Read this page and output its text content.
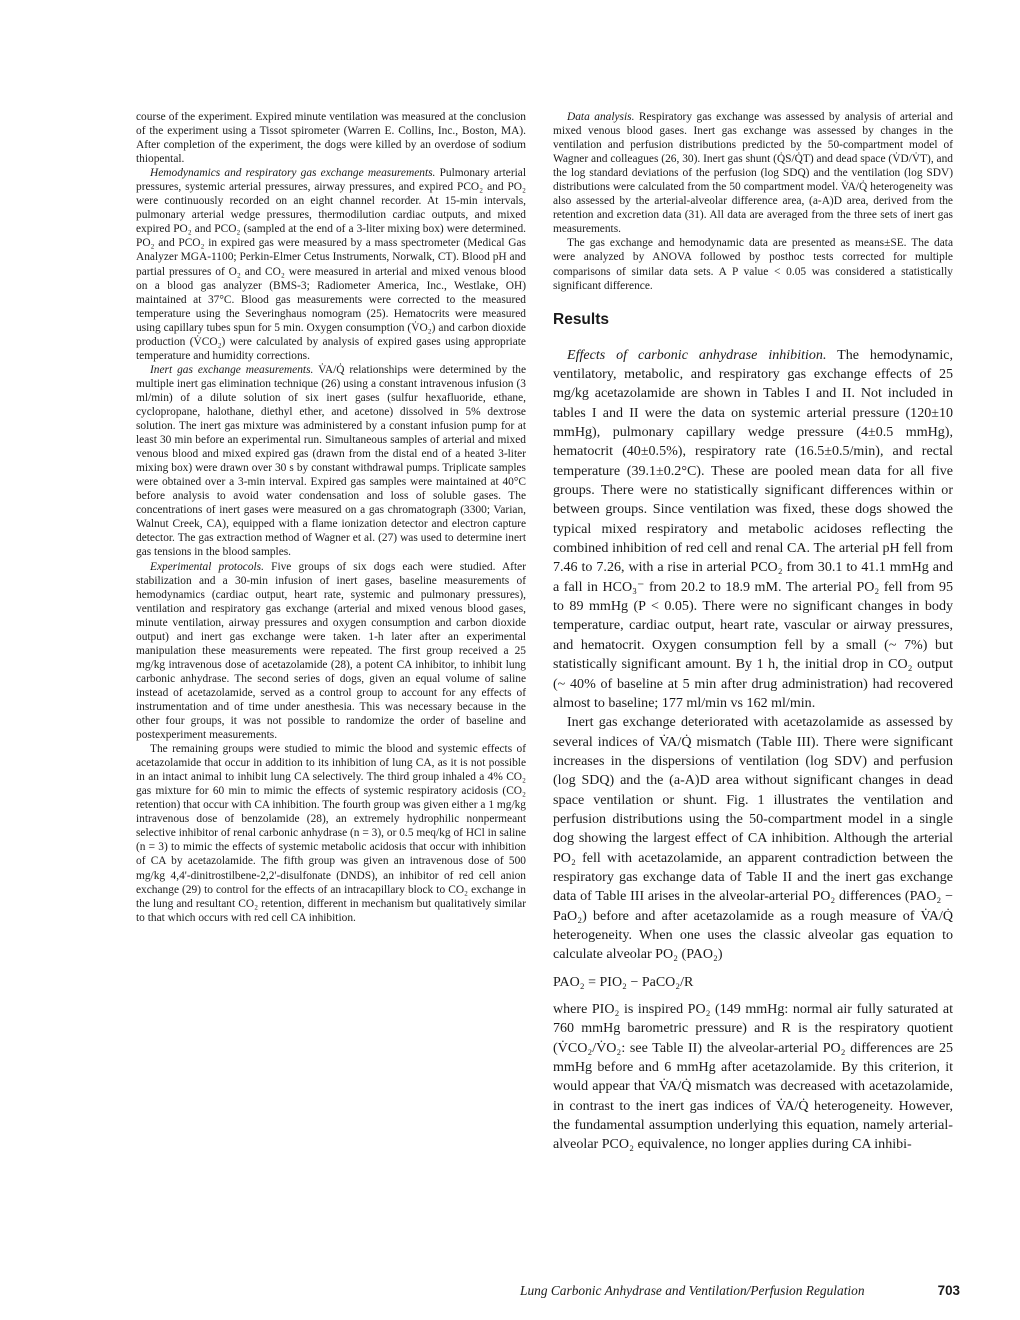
course of the experiment. Expired minute ventilation was measured at the conclusion of the experiment using a Tissot spirometer (Warren E. Collins, Inc., Boston, MA). After completion of the experiment, the dogs were killed by an overdose of sodium thiopental.

Hemodynamics and respiratory gas exchange measurements. Pulmonary arterial pressures, systemic arterial pressures, airway pressures, and expired PCO₂ and PO₂ were continuously recorded on an eight channel recorder. At 15-min intervals, pulmonary arterial wedge pressures, thermodilution cardiac outputs, and mixed expired PO₂ and PCO₂ (sampled at the end of a 3-liter mixing box) were determined. PO₂ and PCO₂ in expired gas were measured by a mass spectrometer (Medical Gas Analyzer MGA-1100; Perkin-Elmer Cetus Instruments, Norwalk, CT). Blood pH and partial pressures of O₂ and CO₂ were measured in arterial and mixed venous blood on a blood gas analyzer (BMS-3; Radiometer America, Inc., Westlake, OH) maintained at 37°C. Blood gas measurements were corrected to the measured temperature using the Severinghaus nomogram (25). Hematocrits were measured using capillary tubes spun for 5 min. Oxygen consumption (V̇O₂) and carbon dioxide production (V̇CO₂) were calculated by analysis of expired gases using appropriate temperature and humidity corrections.

Inert gas exchange measurements. V̇A/Q̇ relationships were determined by the multiple inert gas elimination technique (26) using a constant intravenous infusion (3 ml/min) of a dilute solution of six inert gases (sulfur hexafluoride, ethane, cyclopropane, halothane, diethyl ether, and acetone) dissolved in 5% dextrose solution. The inert gas mixture was administered by a constant infusion pump for at least 30 min before an experimental run. Simultaneous samples of arterial and mixed venous blood and mixed expired gas (drawn from the distal end of a heated 3-liter mixing box) were drawn over 30 s by constant withdrawal pumps. Triplicate samples were obtained over a 3-min interval. Expired gas samples were maintained at 40°C before analysis to avoid water condensation and loss of soluble gases. The concentrations of inert gases were measured on a gas chromatograph (3300; Varian, Walnut Creek, CA), equipped with a flame ionization detector and electron capture detector. The gas extraction method of Wagner et al. (27) was used to determine inert gas tensions in the blood samples.

Experimental protocols. Five groups of six dogs each were studied. After stabilization and a 30-min infusion of inert gases, baseline measurements of hemodynamics (cardiac output, heart rate, systemic and pulmonary pressures), ventilation and respiratory gas exchange (arterial and mixed venous blood gases, minute ventilation, airway pressures and oxygen consumption and carbon dioxide output) and inert gas exchange were taken. 1-h later after an experimental manipulation these measurements were repeated. The first group received a 25 mg/kg intravenous dose of acetazolamide (28), a potent CA inhibitor, to inhibit lung carbonic anhydrase. The second series of dogs, given an equal volume of saline instead of acetazolamide, served as a control group to account for any effects of instrumentation and of time under anesthesia. This was necessary because in the other four groups, it was not possible to randomize the order of baseline and postexperiment measurements.

The remaining groups were studied to mimic the blood and systemic effects of acetazolamide that occur in addition to its inhibition of lung CA, as it is not possible in an intact animal to inhibit lung CA selectively. The third group inhaled a 4% CO₂ gas mixture for 60 min to mimic the effects of systemic respiratory acidosis (CO₂ retention) that occur with CA inhibition. The fourth group was given either a 1 mg/kg intravenous dose of benzolamide (28), an extremely hydrophilic nonpermeant selective inhibitor of renal carbonic anhydrase (n = 3), or 0.5 meq/kg of HCl in saline (n = 3) to mimic the effects of systemic metabolic acidosis that occur with inhibition of CA by acetazolamide. The fifth group was given an intravenous dose of 500 mg/kg 4,4'-dinitrostilbene-2,2'-disulfonate (DNDS), an inhibitor of red cell anion exchange (29) to control for the effects of an intracapillary block to CO₂ exchange in the lung and resultant CO₂ retention, different in mechanism but qualitatively similar to that which occurs with red cell CA inhibition.

Data analysis. Respiratory gas exchange was assessed by analysis of arterial and mixed venous blood gases. Inert gas exchange was assessed by changes in the ventilation and perfusion distributions predicted by the 50-compartment model of Wagner and colleagues (26, 30). Inert gas shunt (Q̇S/Q̇T) and dead space (V̇D/V̇T), and the log standard deviations of the perfusion (log SDQ) and the ventilation (log SDV) distributions were calculated from the 50 compartment model. V̇A/Q̇ heterogeneity was also assessed by the arterial-alveolar difference area, (a-A)D area, derived from the retention and excretion data (31). All data are averaged from the three sets of inert gas measurements.

The gas exchange and hemodynamic data are presented as means±SE. The data were analyzed by ANOVA followed by posthoc tests corrected for multiple comparisons of similar data sets. A P value < 0.05 was considered a statistically significant difference.

Results

Effects of carbonic anhydrase inhibition. The hemodynamic, ventilatory, metabolic, and respiratory gas exchange effects of 25 mg/kg acetazolamide are shown in Tables I and II. Not included in tables I and II were the data on systemic arterial pressure (120±10 mmHg), pulmonary capillary wedge pressure (4±0.5 mmHg), hematocrit (40±0.5%), respiratory rate (16.5±0.5/min), and rectal temperature (39.1±0.2°C). These are pooled mean data for all five groups. There were no statistically significant differences within or between groups. Since ventilation was fixed, these dogs showed the typical mixed respiratory and metabolic acidoses reflecting the combined inhibition of red cell and renal CA. The arterial pH fell from 7.46 to 7.26, with a rise in arterial PCO₂ from 30.1 to 41.1 mmHg and a fall in HCO₃⁻ from 20.2 to 18.9 mM. The arterial PO₂ fell from 95 to 89 mmHg (P < 0.05). There were no significant changes in body temperature, cardiac output, heart rate, vascular or airway pressures, and hematocrit. Oxygen consumption fell by a small (~ 7%) but statistically significant amount. By 1 h, the initial drop in CO₂ output (~ 40% of baseline at 5 min after drug administration) had recovered almost to baseline; 177 ml/min vs 162 ml/min.

Inert gas exchange deteriorated with acetazolamide as assessed by several indices of V̇A/Q̇ mismatch (Table III). There were significant increases in the dispersions of ventilation (log SDV) and perfusion (log SDQ) and the (a-A)D area without significant changes in dead space ventilation or shunt. Fig. 1 illustrates the ventilation and perfusion distributions using the 50-compartment model in a single dog showing the largest effect of CA inhibition. Although the arterial PO₂ fell with acetazolamide, an apparent contradiction between the respiratory gas exchange data of Table II and the inert gas exchange data of Table III arises in the alveolar-arterial PO₂ differences (PAO₂ − PaO₂) before and after acetazolamide as a rough measure of V̇A/Q̇ heterogeneity. When one uses the classic alveolar gas equation to calculate alveolar PO₂ (PAO₂)

PAO₂ = PIO₂ − PaCO₂/R

where PIO₂ is inspired PO₂ (149 mmHg: normal air fully saturated at 760 mmHg barometric pressure) and R is the respiratory quotient (V̇CO₂/V̇O₂: see Table II) the alveolar-arterial PO₂ differences are 25 mmHg before and 6 mmHg after acetazolamide. By this criterion, it would appear that V̇A/Q̇ mismatch was decreased with acetazolamide, in contrast to the inert gas indices of V̇A/Q̇ heterogeneity. However, the fundamental assumption underlying this equation, namely arterial-alveolar PCO₂ equivalence, no longer applies during CA inhibi-

Lung Carbonic Anhydrase and Ventilation/Perfusion Regulation	703
